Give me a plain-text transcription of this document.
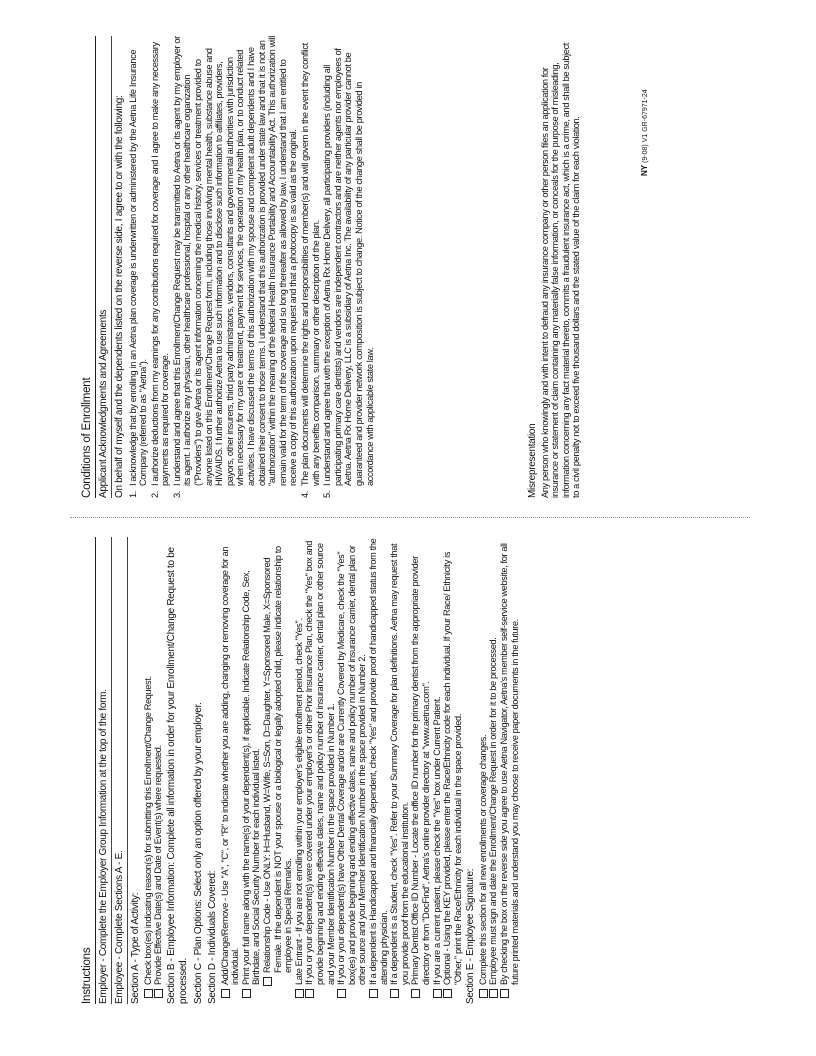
Instructions Employer - Complete the Employer Group Information at the top of the form. Employee - Complete Sections A - E. Section A - Type of Activity: Check box(es) indicating reason(s) for submitting this Enrollment/Change Request. Provide Effective Date(s) and Date of Event(s) where requested. Section B - Employee Information: Complete all information in order for your Enrollment/Change Request to be processed. Section C - Plan Options: Select only an option offered by your employer. Section D - Individuals Covered: Add/Change/Remove - Use "A", "C", or "R" to indicate whether you are adding, changing or removing coverage for an individual. Print your full name along with the name(s) of your dependent(s), if applicable. Indicate Relationship Code, Sex, Birthdate, and Social Security Number for each individual listed. Relationship Code - Use ONLY: H=Husband, W=Wife, S=Son, D=Daughter, Y=Sponsored Male, X=Sponsored Female. If the dependent is NOT your spouse or a biological or legally adopted child, please indicate relationship to employee in Special Remarks. Late Entrant - If you are not enrolling within your employer's eligible enrollment period, check "Yes". If you or your dependent(s) were covered under your employer's or other Prior Insurance Plan, check the "Yes" box and provide beginning and ending effective dates, name and policy number of insurance carrier, dental plan or other source and your Member Identification Number in the space provided in Number 1. If you or your dependent(s) have Other Dental Coverage and/or are Currently Covered by Medicare, check the "Yes" box(es) and provide beginning and ending effective dates, name and policy number of insurance carrier, dental plan or other source and your Member Identification Number in the space provided in Number 2. If a dependent is Handicapped and financially dependent, check "Yes" and provide proof of handicapped status from the attending physician. If a dependent is a Student, check "Yes". Refer to your Summary Coverage for plan definitions. Aetna may request that you provide proof from the educational institution. Primary Dentist Office ID Number - Locate the office ID number for the primary dentist from the appropriate provider directory or from "DocFind", Aetna's online provider directory at "www.aetna.com". If you are a current patient, please check the "Yes" box under Current Patient. Optional - Using the KEY provided, please enter the Race/Ethnicity code for each individual. If your Race/ Ethnicity is "Other," print the Race/Ethnicity for each individual in the space provided. Section E - Employee Signature: Complete this section for all new enrollments or coverage changes. Employee must sign and date the Enrollment/Change Request in order for it to be processed. By checking the box on the reverse side you agree to use Aetna Navigator, Aetna's member self-service website, for all future printed materials and understand you may choose to receive paper documents in the future.
Conditions of Enrollment Applicant Acknowledgments and Agreements On behalf of myself and the dependents listed on the reverse side, I agree to or with the following: 1.
I acknowledge that by enrolling in an Aetna plan coverage is underwritten or administered by the Aetna Life Insurance Company (referred to as "Aetna").
2.
I authorize deductions from my earnings for any contributions required for coverage and I agree to make any necessary payments as required for coverage.
3.
I understand and agree that this Enrollment/Change Request may be transmitted to Aetna or its agent by my employer or its agent. I authorize any physician, other healthcare professional, hospital or any other healthcare organization ("Providers") to give Aetna or its agent information concerning the medical history, services or treatment provided to anyone listed on this Enrollment/Change Request form, including those involving mental health, substance abuse and HIV/AIDS. I further authorize Aetna to use such information and to disclose such information to affiliates, providers, payors, other insurers, third party administrators, vendors, consultants and governmental authorities with jurisdiction when necessary for my care or treatment, payment for services, the operation of my health plan, or to conduct related activities. I have discussed the terms of this authorization with my spouse and competent adult dependents and I have obtained their consent to those terms. I understand that this authorization is provided under state law and that it is not an "authorization" within the meaning of the federal Health Insurance Portability and Accountability Act. This authorization will remain valid for the term of the coverage and so long thereafter as allowed by law. I understand that I am entitled to receive a copy of this authorization upon request and that a photocopy is as valid as the original.
4.
The plan documents will determine the rights and responsibilities of member(s) and will govern in the event they conflict with any benefits comparison, summary or other description of the plan.
5.
I understand and agree that with the exception of Aetna Rx Home Delivery, all participating providers (including all participating primary care dentists) and vendors are independent contractors and are neither agents nor employees of Aetna. Aetna Rx Home Delivery, LLC is a subsidiary of Aetna Inc. The availability of any particular provider cannot be guaranteed and provider network composition is subject to change. Notice of the change shall be provided in accordance with applicable state law.	Misrepresentation Any person who knowingly and with intent to defraud any insurance company or other person files an application for insurance or statement of claim containing any materially false information, or conceals for the purpose of misleading, information concerning any fact material thereto, commits a fraudulent insurance act, which is a crime, and shall be subject to a civil penalty not to exceed five thousand dollars and the stated value of the claim for each violation.	NY (9-08) V1 GR-67971-24
